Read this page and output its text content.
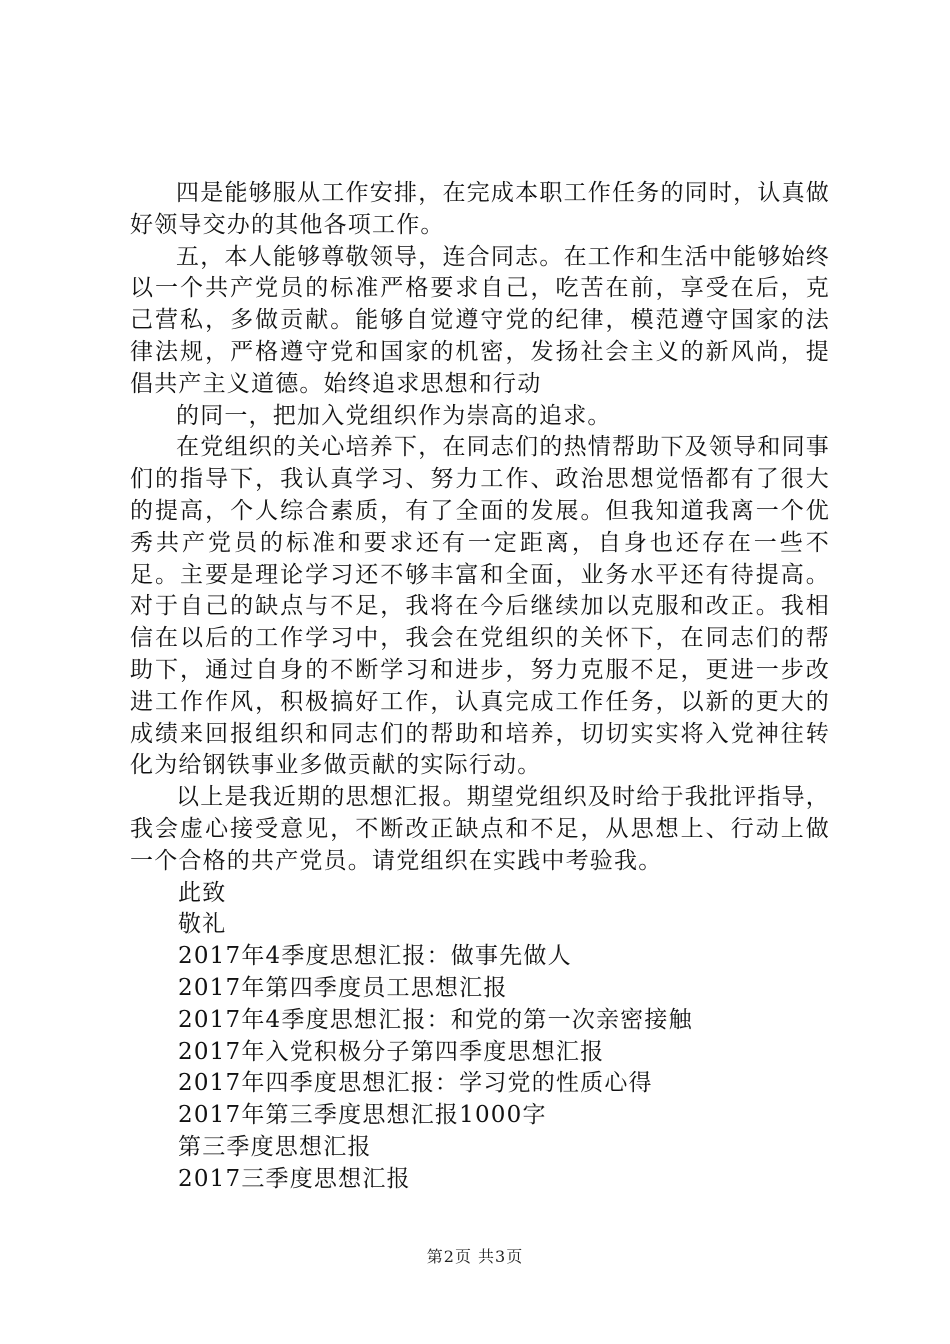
四是能够服从工作安排，在完成本职工作任务的同时，认真做好领导交办的其他各项工作。

五，本人能够尊敬领导，连合同志。在工作和生活中能够始终以一个共产党员的标准严格要求自己，吃苦在前，享受在后，克己营私，多做贡献。能够自觉遵守党的纪律，模范遵守国家的法律法规，严格遵守党和国家的机密，发扬社会主义的新风尚，提倡共产主义道德。始终追求思想和行动

的同一，把加入党组织作为崇高的追求。

在党组织的关心培养下，在同志们的热情帮助下及领导和同事们的指导下，我认真学习、努力工作、政治思想觉悟都有了很大的提高，个人综合素质，有了全面的发展。但我知道我离一个优秀共产党员的标准和要求还有一定距离，自身也还存在一些不足。主要是理论学习还不够丰富和全面，业务水平还有待提高。对于自己的缺点与不足，我将在今后继续加以克服和改正。我相信在以后的工作学习中，我会在党组织的关怀下，在同志们的帮助下，通过自身的不断学习和进步，努力克服不足，更进一步改进工作作风，积极搞好工作，认真完成工作任务，以新的更大的成绩来回报组织和同志们的帮助和培养，切切实实将入党神往转化为给钢铁事业多做贡献的实际行动。

以上是我近期的思想汇报。期望党组织及时给于我批评指导，我会虚心接受意见，不断改正缺点和不足，从思想上、行动上做一个合格的共产党员。请党组织在实践中考验我。

此致

敬礼

2017年4季度思想汇报：做事先做人

2017年第四季度员工思想汇报

2017年4季度思想汇报：和党的第一次亲密接触

2017年入党积极分子第四季度思想汇报

2017年四季度思想汇报：学习党的性质心得

2017年第三季度思想汇报1000字

第三季度思想汇报

2017三季度思想汇报

第2页 共3页
